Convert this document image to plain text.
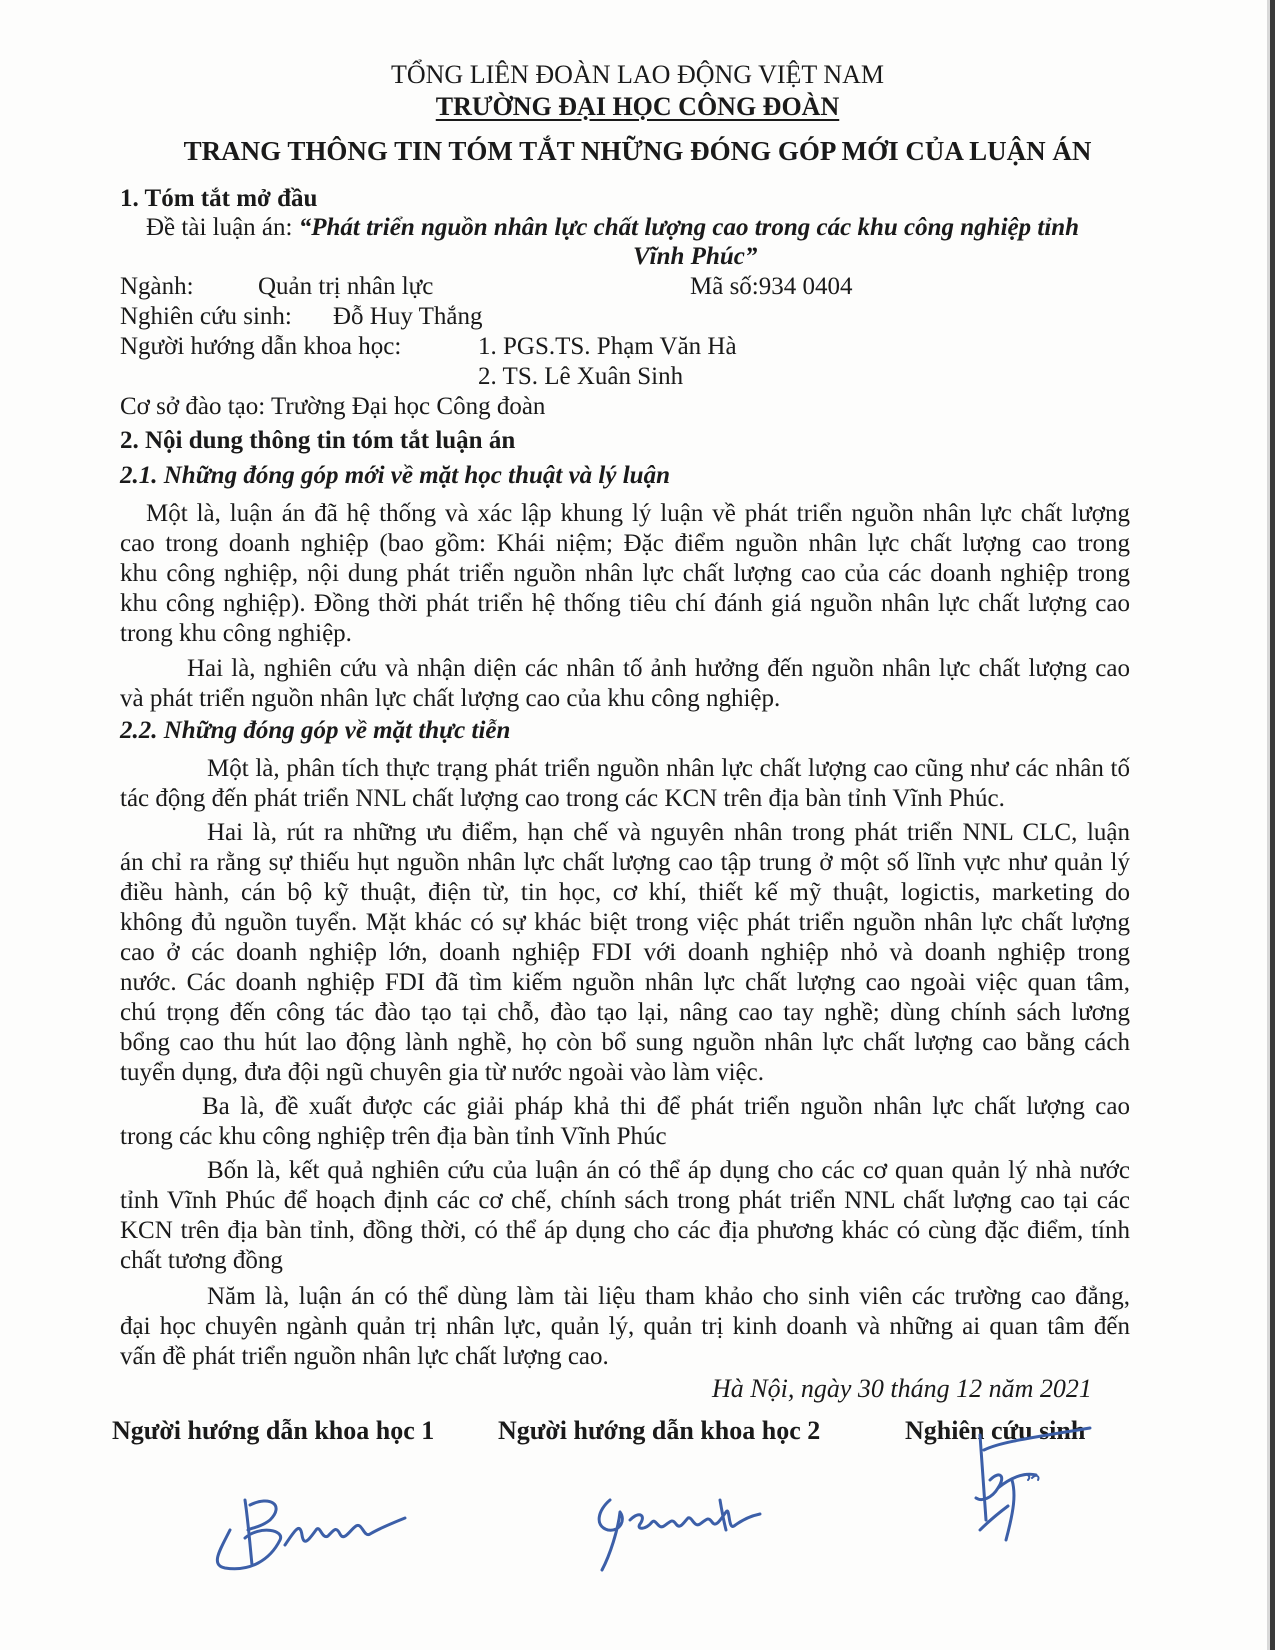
TỔNG LIÊN ĐOÀN LAO ĐỘNG VIỆT NAM
TRƯỜNG ĐẠI HỌC CÔNG ĐOÀN
TRANG THÔNG TIN TÓM TẮT NHỮNG ĐÓNG GÓP MỚI CỦA LUẬN ÁN
1. Tóm tắt mở đầu
Đề tài luận án: “Phát triển nguồn nhân lực chất lượng cao trong các khu công nghiệp tỉnh
Vĩnh Phúc”
Ngành:	Quản trị nhân lực	Mã số:934 0404
Nghiên cứu sinh: Đỗ Huy Thắng
Người hướng dẫn khoa học:	1. PGS.TS. Phạm Văn Hà
2. TS. Lê Xuân Sinh
Cơ sở đào tạo: Trường Đại học Công đoàn
2. Nội dung thông tin tóm tắt luận án
2.1. Những đóng góp mới về mặt học thuật và lý luận
Một là, luận án đã hệ thống và xác lập khung lý luận về phát triển nguồn nhân lực chất lượng
cao trong doanh nghiệp (bao gồm: Khái niệm; Đặc điểm nguồn nhân lực chất lượng cao trong
khu công nghiệp, nội dung phát triển nguồn nhân lực chất lượng cao của các doanh nghiệp trong
khu công nghiệp). Đồng thời phát triển hệ thống tiêu chí đánh giá nguồn nhân lực chất lượng cao
trong khu công nghiệp.
Hai là, nghiên cứu và nhận diện các nhân tố ảnh hưởng đến nguồn nhân lực chất lượng cao
và phát triển nguồn nhân lực chất lượng cao của khu công nghiệp.
2.2. Những đóng góp về mặt thực tiễn
Một là, phân tích thực trạng phát triển nguồn nhân lực chất lượng cao cũng như các nhân tố
tác động đến phát triển NNL chất lượng cao trong các KCN trên địa bàn tỉnh Vĩnh Phúc.
Hai là, rút ra những ưu điểm, hạn chế và nguyên nhân trong phát triển NNL CLC, luận
án chỉ ra rằng sự thiếu hụt nguồn nhân lực chất lượng cao tập trung ở một số lĩnh vực như quản lý
điều hành, cán bộ kỹ thuật, điện từ, tin học, cơ khí, thiết kế mỹ thuật, logictis, marketing do
không đủ nguồn tuyển. Mặt khác có sự khác biệt trong việc phát triển nguồn nhân lực chất lượng
cao ở các doanh nghiệp lớn, doanh nghiệp FDI với doanh nghiệp nhỏ và doanh nghiệp trong
nước. Các doanh nghiệp FDI đã tìm kiếm nguồn nhân lực chất lượng cao ngoài việc quan tâm,
chú trọng đến công tác đào tạo tại chỗ, đào tạo lại, nâng cao tay nghề; dùng chính sách lương
bổng cao thu hút lao động lành nghề, họ còn bổ sung nguồn nhân lực chất lượng cao bằng cách
tuyển dụng, đưa đội ngũ chuyên gia từ nước ngoài vào làm việc.
Ba là, đề xuất được các giải pháp khả thi để phát triển nguồn nhân lực chất lượng cao
trong các khu công nghiệp trên địa bàn tỉnh Vĩnh Phúc
Bốn là, kết quả nghiên cứu của luận án có thể áp dụng cho các cơ quan quản lý nhà nước
tỉnh Vĩnh Phúc để hoạch định các cơ chế, chính sách trong phát triển NNL chất lượng cao tại các
KCN trên địa bàn tỉnh, đồng thời, có thể áp dụng cho các địa phương khác có cùng đặc điểm, tính
chất tương đồng
Năm là, luận án có thể dùng làm tài liệu tham khảo cho sinh viên các trường cao đẳng,
đại học chuyên ngành quản trị nhân lực, quản lý, quản trị kinh doanh và những ai quan tâm đến
vấn đề phát triển nguồn nhân lực chất lượng cao.
Hà Nội, ngày 30 tháng 12 năm 2021
Người hướng dẫn khoa học 1 Người hướng dẫn khoa học 2	Nghiên cứu sinh
